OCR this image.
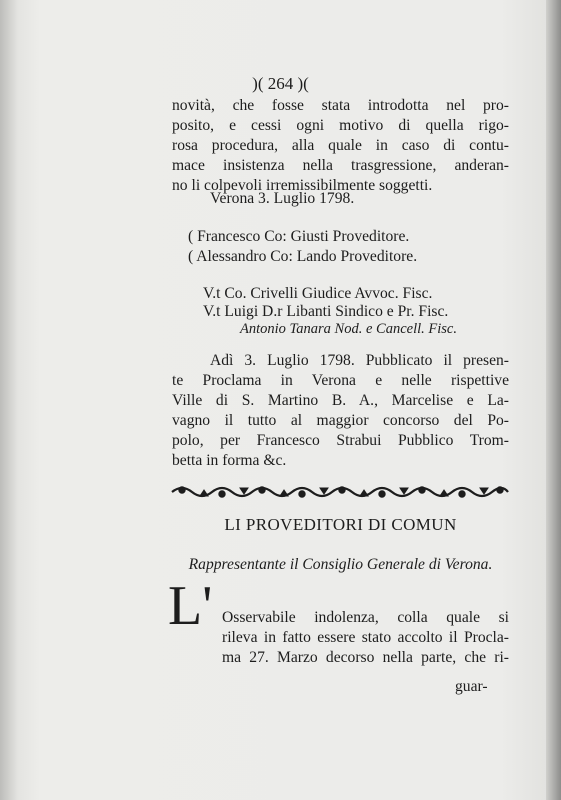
)( 264 )(
novità, che fosse stata introdotta nel pro-
posito, e cessi ogni motivo di quella rigo-
rosa procedura, alla quale in caso di contu-
mace insistenza nella trasgressione, anderan-
no li colpevoli irremissibilmente soggetti.
Verona 3. Luglio 1798.
( Francesco Co: Giusti Proveditore.
( Alessandro Co: Lando Proveditore.
V.t Co. Crivelli Giudice Avvoc. Fisc.
V.t Luigi D.r Libanti Sindico e Pr. Fisc.
Antonio Tanara Nod. e Cancell. Fisc.
Adì 3. Luglio 1798. Pubblicato il presen-
te Proclama in Verona e nelle rispettive
Ville di S. Martino B. A., Marcelise e La-
vagno il tutto al maggior concorso del Po-
polo, per Francesco Strabui Pubblico Trom-
betta in forma &c.
LI PROVEDITORI DI COMUN
Rappresentante il Consiglio Generale di Verona.
L' Osservabile indolenza, colla quale si
rileva in fatto essere stato accolto il Procla-
ma 27. Marzo decorso nella parte, che ri-
guar-
